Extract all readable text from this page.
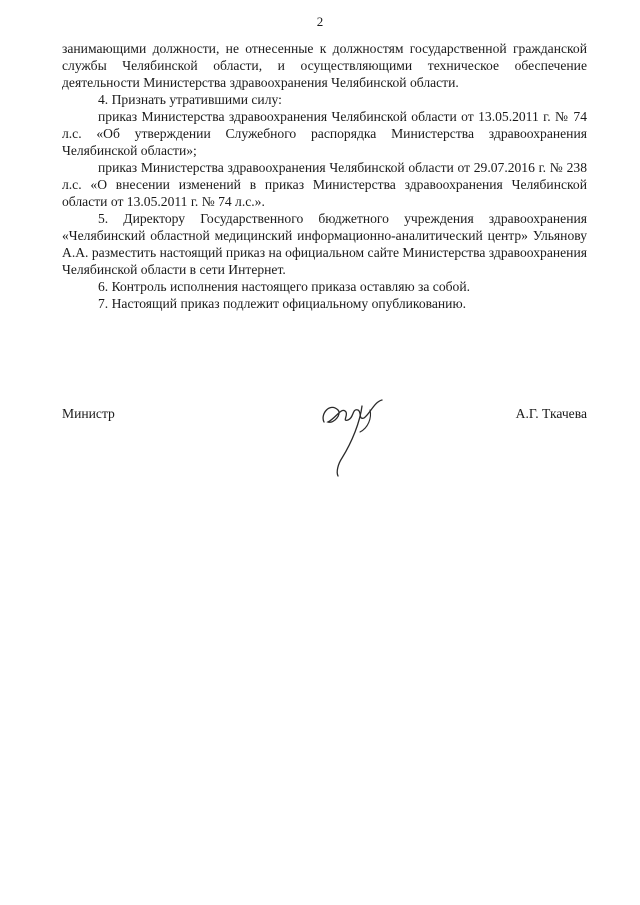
2

занимающими должности, не отнесенные к должностям государственной гражданской службы Челябинской области, и осуществляющими техническое обеспечение деятельности Министерства здравоохранения Челябинской области.

4. Признать утратившими силу:

приказ Министерства здравоохранения Челябинской области от 13.05.2011 г. № 74 л.с. «Об утверждении Служебного распорядка Министерства здравоохранения Челябинской области»;

приказ Министерства здравоохранения Челябинской области от 29.07.2016 г. № 238 л.с. «О внесении изменений в приказ Министерства здравоохранения Челябинской области от 13.05.2011 г. № 74 л.с.».

5. Директору Государственного бюджетного учреждения здравоохранения «Челябинский областной медицинский информационно-аналитический центр» Ульянову А.А. разместить настоящий приказ на официальном сайте Министерства здравоохранения Челябинской области в сети Интернет.

6. Контроль исполнения настоящего приказа оставляю за собой.

7. Настоящий приказ подлежит официальному опубликованию.

Министр	А.Г. Ткачева
